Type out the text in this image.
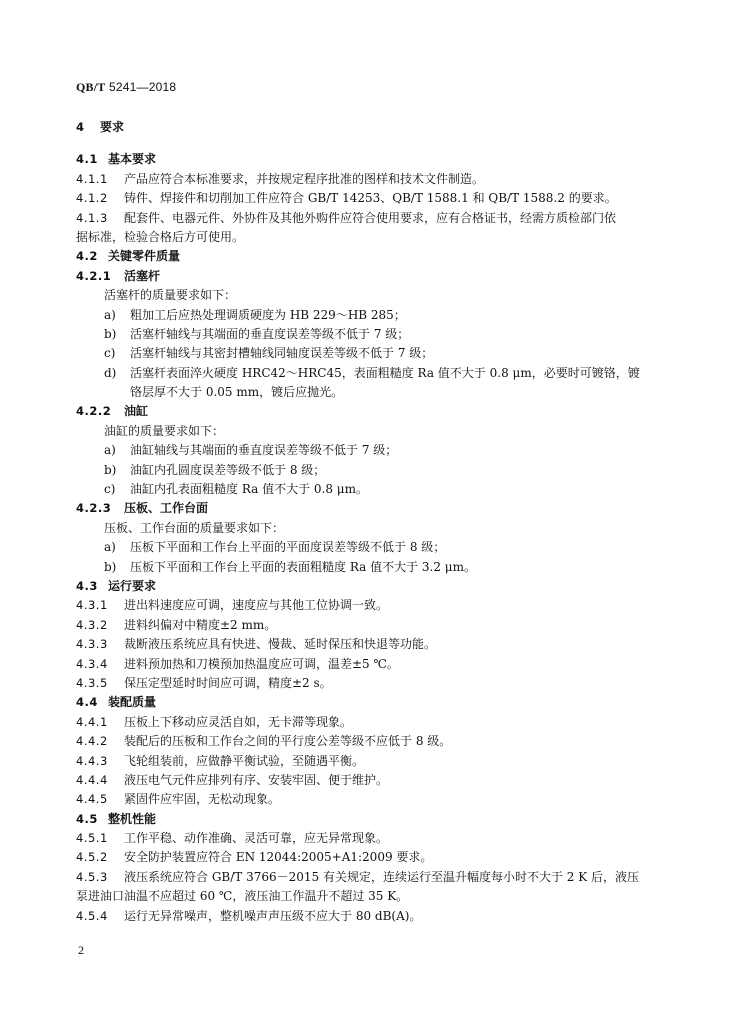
QB/T 5241—2018
4 要求
4.1 基本要求
4.1.1 产品应符合本标准要求，并按规定程序批准的图样和技术文件制造。
4.1.2 铸件、焊接件和切削加工件应符合 GB/T 14253、QB/T 1588.1 和 QB/T 1588.2 的要求。
4.1.3 配套件、电器元件、外协件及其他外购件应符合使用要求，应有合格证书，经需方质检部门依
据标准，检验合格后方可使用。
4.2 关键零件质量
4.2.1 活塞杆
活塞杆的质量要求如下：
a) 粗加工后应热处理调质硬度为 HB 229～HB 285；
b) 活塞杆轴线与其端面的垂直度误差等级不低于 7 级；
c) 活塞杆轴线与其密封槽轴线同轴度误差等级不低于 7 级；
d) 活塞杆表面淬火硬度 HRC42～HRC45，表面粗糙度 Ra 值不大于 0.8 μm，必要时可镀铬，镀
铬层厚不大于 0.05 mm，镀后应抛光。
4.2.2 油缸
油缸的质量要求如下：
a) 油缸轴线与其端面的垂直度误差等级不低于 7 级；
b) 油缸内孔圆度误差等级不低于 8 级；
c) 油缸内孔表面粗糙度 Ra 值不大于 0.8 μm。
4.2.3 压板、工作台面
压板、工作台面的质量要求如下：
a) 压板下平面和工作台上平面的平面度误差等级不低于 8 级；
b) 压板下平面和工作台上平面的表面粗糙度 Ra 值不大于 3.2 μm。
4.3 运行要求
4.3.1 进出料速度应可调，速度应与其他工位协调一致。
4.3.2 进料纠偏对中精度±2 mm。
4.3.3 裁断液压系统应具有快进、慢裁、延时保压和快退等功能。
4.3.4 进料预加热和刀模预加热温度应可调，温差±5 ℃。
4.3.5 保压定型延时时间应可调，精度±2 s。
4.4 装配质量
4.4.1 压板上下移动应灵活自如，无卡滞等现象。
4.4.2 装配后的压板和工作台之间的平行度公差等级不应低于 8 级。
4.4.3 飞轮组装前，应做静平衡试验，至随遇平衡。
4.4.4 液压电气元件应排列有序、安装牢固、便于维护。
4.4.5 紧固件应牢固，无松动现象。
4.5 整机性能
4.5.1 工作平稳、动作准确、灵活可靠，应无异常现象。
4.5.2 安全防护装置应符合 EN 12044:2005+A1:2009 要求。
4.5.3 液压系统应符合 GB/T 3766－2015 有关规定，连续运行至温升幅度每小时不大于 2 K 后，液压
泵进油口油温不应超过 60 ℃，液压油工作温升不超过 35 K。
4.5.4 运行无异常噪声，整机噪声声压级不应大于 80 dB(A)。
2
